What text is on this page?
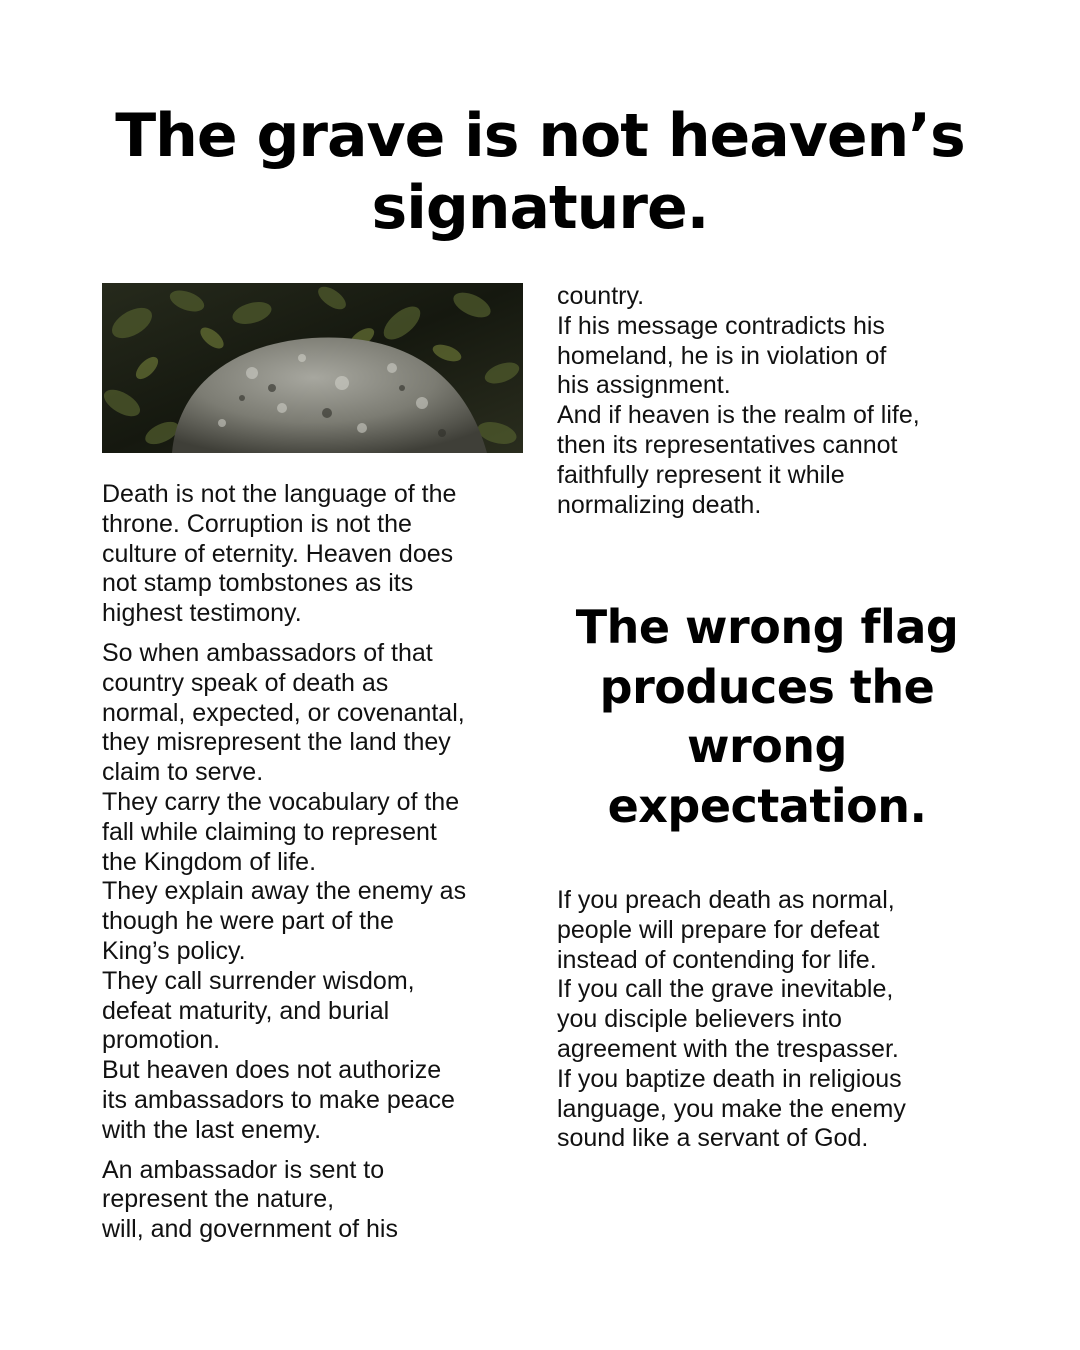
The grave is not heaven’s
signature.

Death is not the language of the
throne. Corruption is not the
culture of eternity. Heaven does
not stamp tombstones as its
highest testimony.

So when ambassadors of that
country speak of death as
normal, expected, or covenantal,
they misrepresent the land they
claim to serve.
They carry the vocabulary of the
fall while claiming to represent
the Kingdom of life.
They explain away the enemy as
though he were part of the
King’s policy.
They call surrender wisdom,
defeat maturity, and burial
promotion.
But heaven does not authorize
its ambassadors to make peace
with the last enemy.

An ambassador is sent to
represent the nature,
will, and government of his

country.
If his message contradicts his
homeland, he is in violation of
his assignment.
And if heaven is the realm of life,
then its representatives cannot
faithfully represent it while
normalizing death.
The wrong flag
produces the
wrong
expectation.
If you preach death as normal,
people will prepare for defeat
instead of contending for life.
If you call the grave inevitable,
you disciple believers into
agreement with the trespasser.
If you baptize death in religious
language, you make the enemy
sound like a servant of God.
